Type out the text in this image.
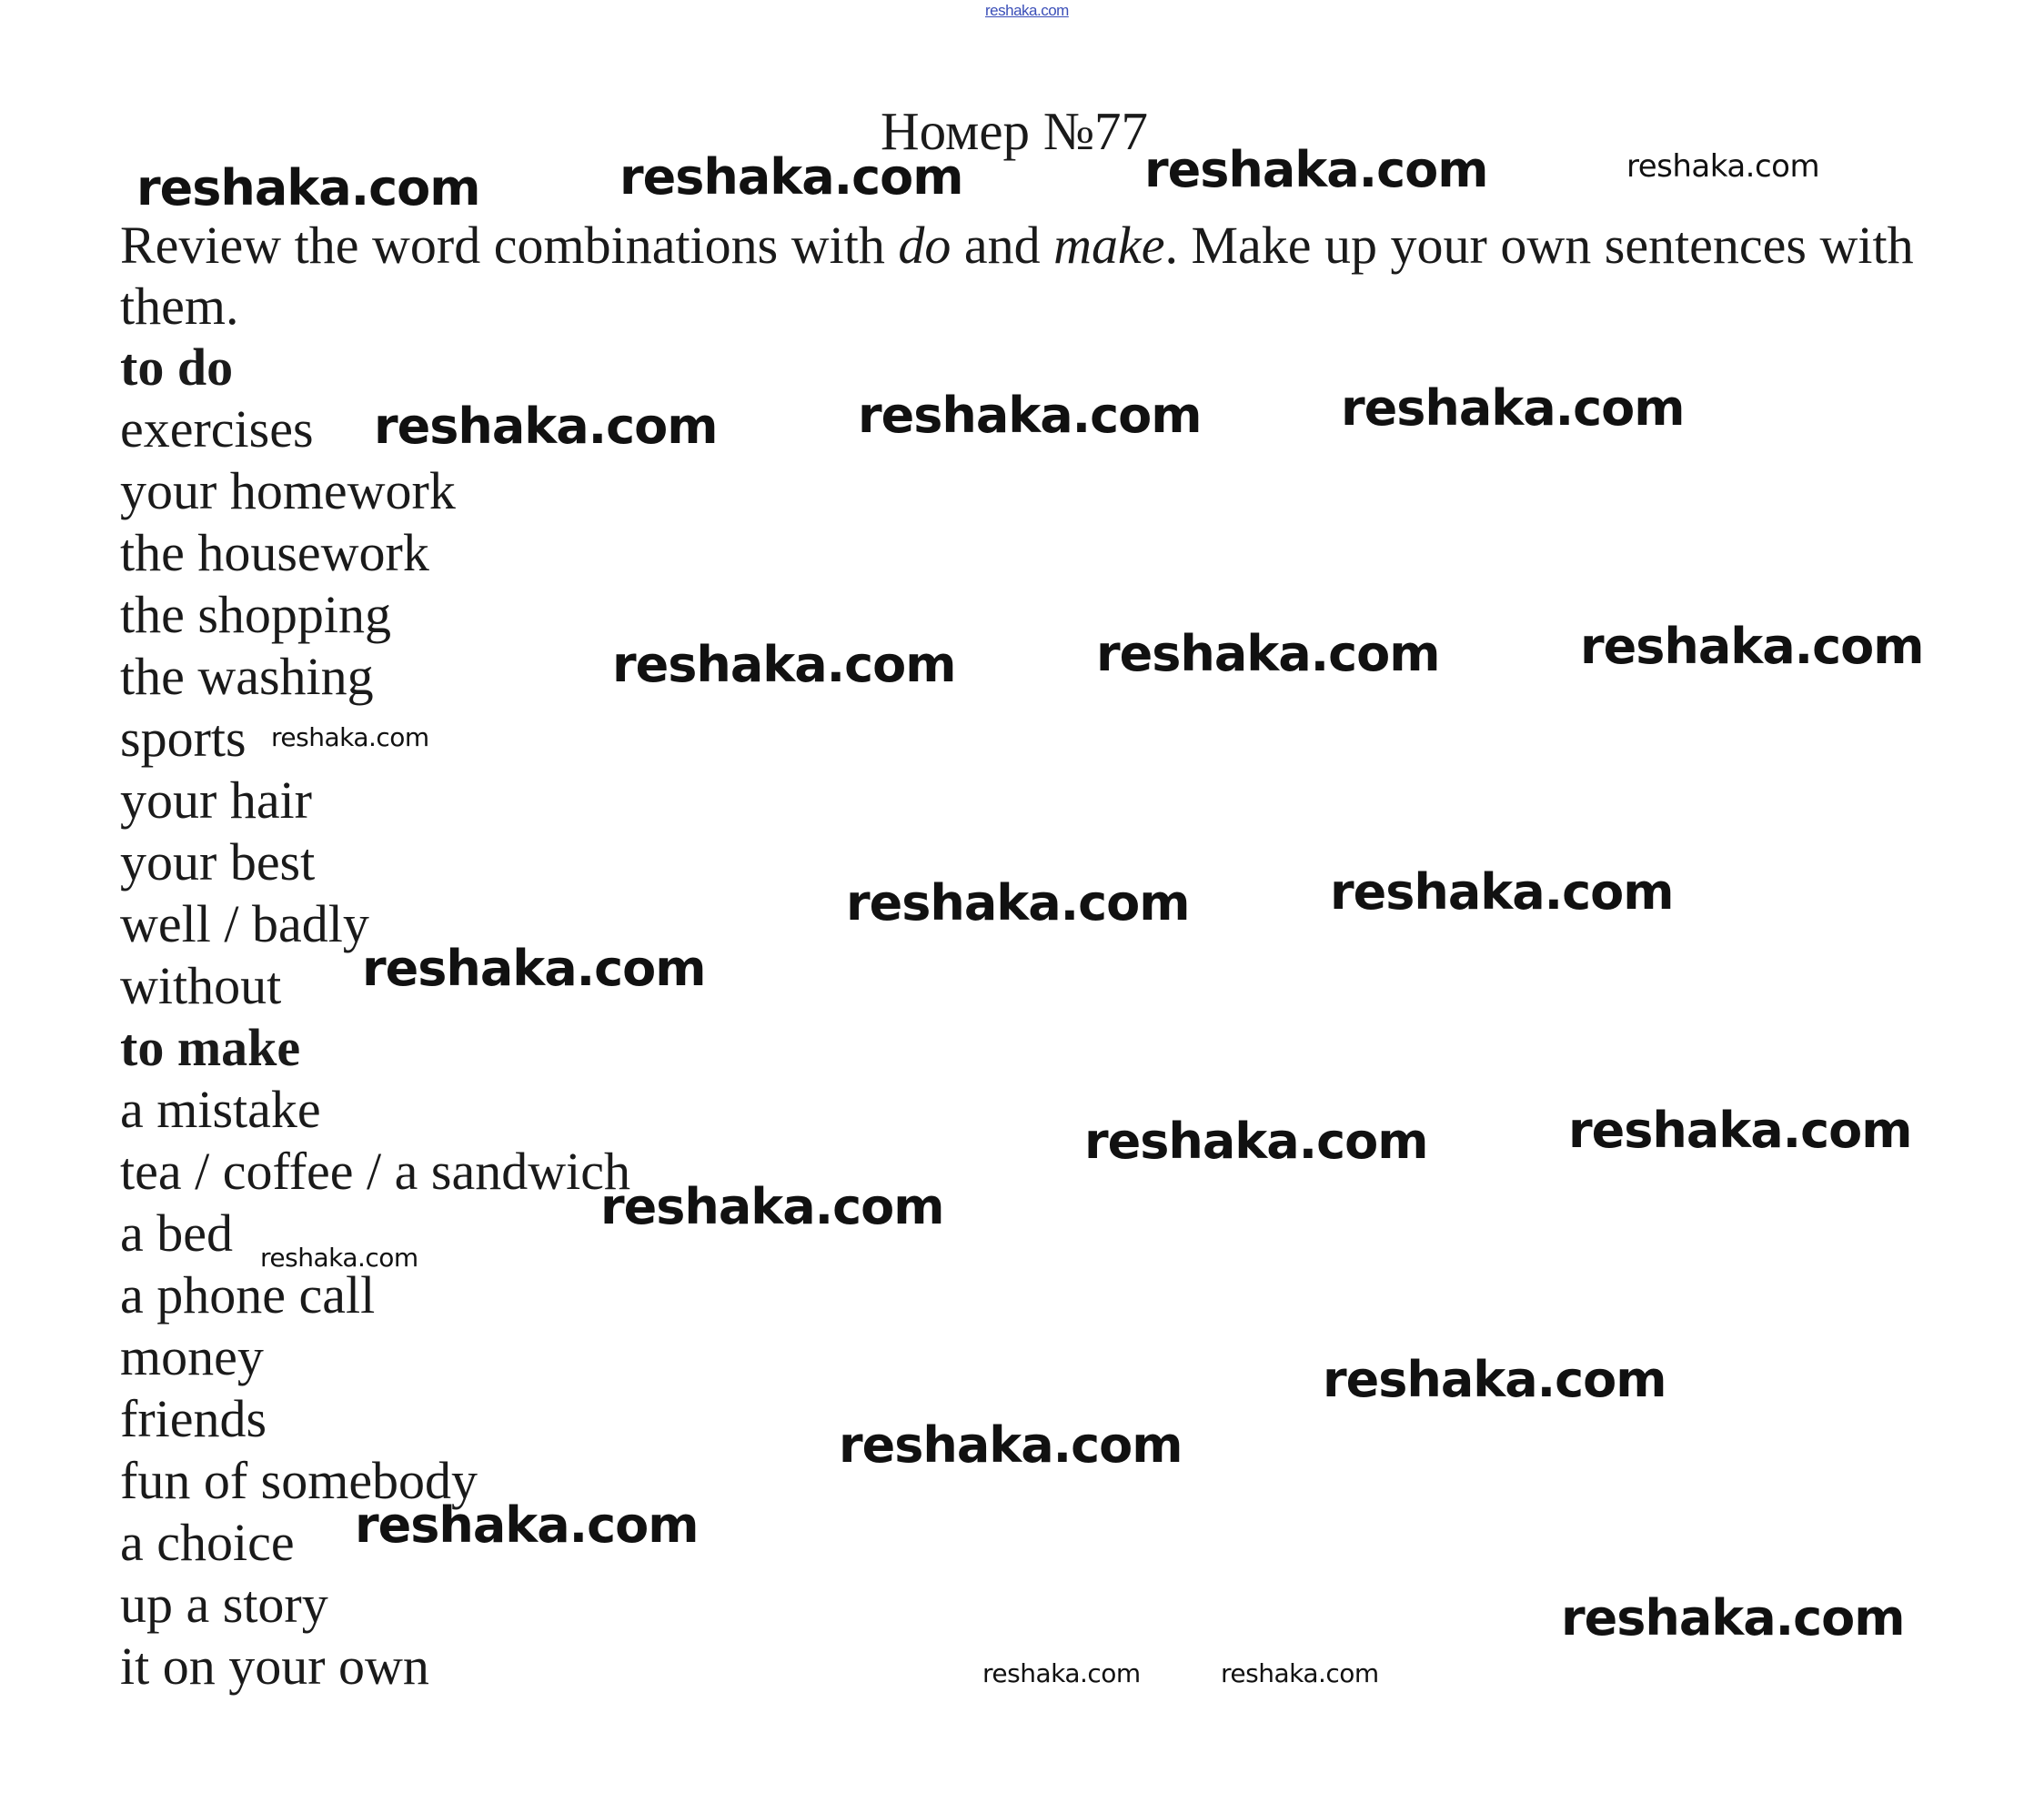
reshaka.com
Номер №77
Review the word combinations with do and make. Make up your own sentences with them.
to do
exercises
your homework
the housework
the shopping
the washing
sports
your hair
your best
well / badly
without
to make
a mistake
tea / coffee / a sandwich
a bed
a phone call
money
friends
fun of somebody
a choice
up a story
it on your own
reshaka.com	reshaka.com	reshaka.com	reshaka.com
reshaka.com	reshaka.com	reshaka.com
reshaka.com	reshaka.com	reshaka.com
reshaka.com
reshaka.com
reshaka.com	reshaka.com
reshaka.com
reshaka.com	reshaka.com
reshaka.com
reshaka.com
reshaka.com
reshaka.com
reshaka.com
reshaka.com	reshaka.com
